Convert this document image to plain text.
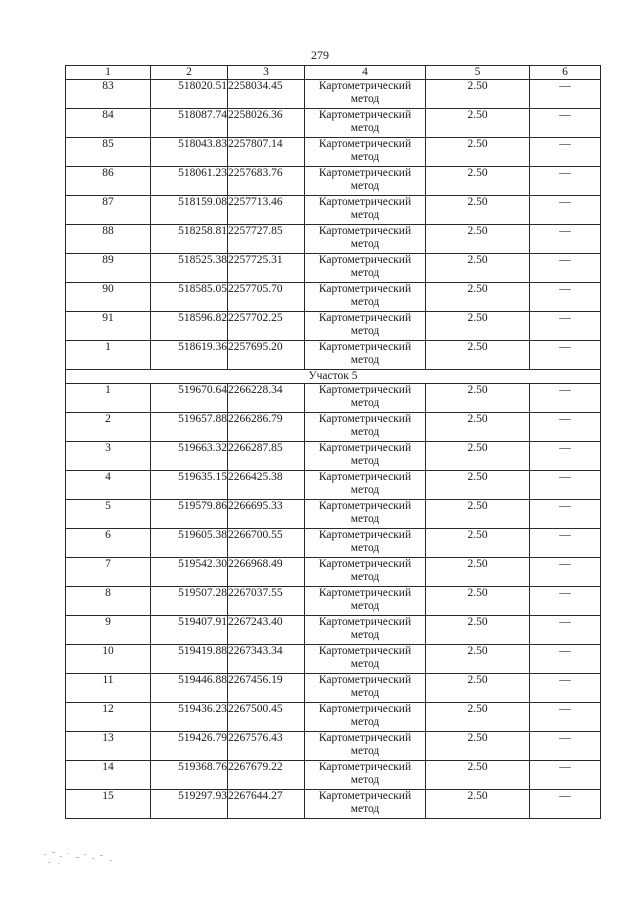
279
1	2	3	4	5	6
83	518020.51	2258034.45	Картометрический метод	2.50	—
84	518087.74	2258026.36	Картометрический метод	2.50	—
85	518043.83	2257807.14	Картометрический метод	2.50	—
86	518061.23	2257683.76	Картометрический метод	2.50	—
87	518159.08	2257713.46	Картометрический метод	2.50	—
88	518258.81	2257727.85	Картометрический метод	2.50	—
89	518525.38	2257725.31	Картометрический метод	2.50	—
90	518585.05	2257705.70	Картометрический метод	2.50	—
91	518596.82	2257702.25	Картометрический метод	2.50	—
1	518619.36	2257695.20	Картометрический метод	2.50	—
Участок 5					
1	519670.64	2266228.34	Картометрический метод	2.50	—
2	519657.88	2266286.79	Картометрический метод	2.50	—
3	519663.32	2266287.85	Картометрический метод	2.50	—
4	519635.15	2266425.38	Картометрический метод	2.50	—
5	519579.86	2266695.33	Картометрический метод	2.50	—
6	519605.38	2266700.55	Картометрический метод	2.50	—
7	519542.30	2266968.49	Картометрический метод	2.50	—
8	519507.28	2267037.55	Картометрический метод	2.50	—
9	519407.91	2267243.40	Картометрический метод	2.50	—
10	519419.88	2267343.34	Картометрический метод	2.50	—
11	519446.88	2267456.19	Картометрический метод	2.50	—
12	519436.23	2267500.45	Картометрический метод	2.50	—
13	519426.79	2267576.43	Картометрический метод	2.50	—
14	519368.76	2267679.22	Картометрический метод	2.50	—
15	519297.93	2267644.27	Картометрический метод	2.50	—
